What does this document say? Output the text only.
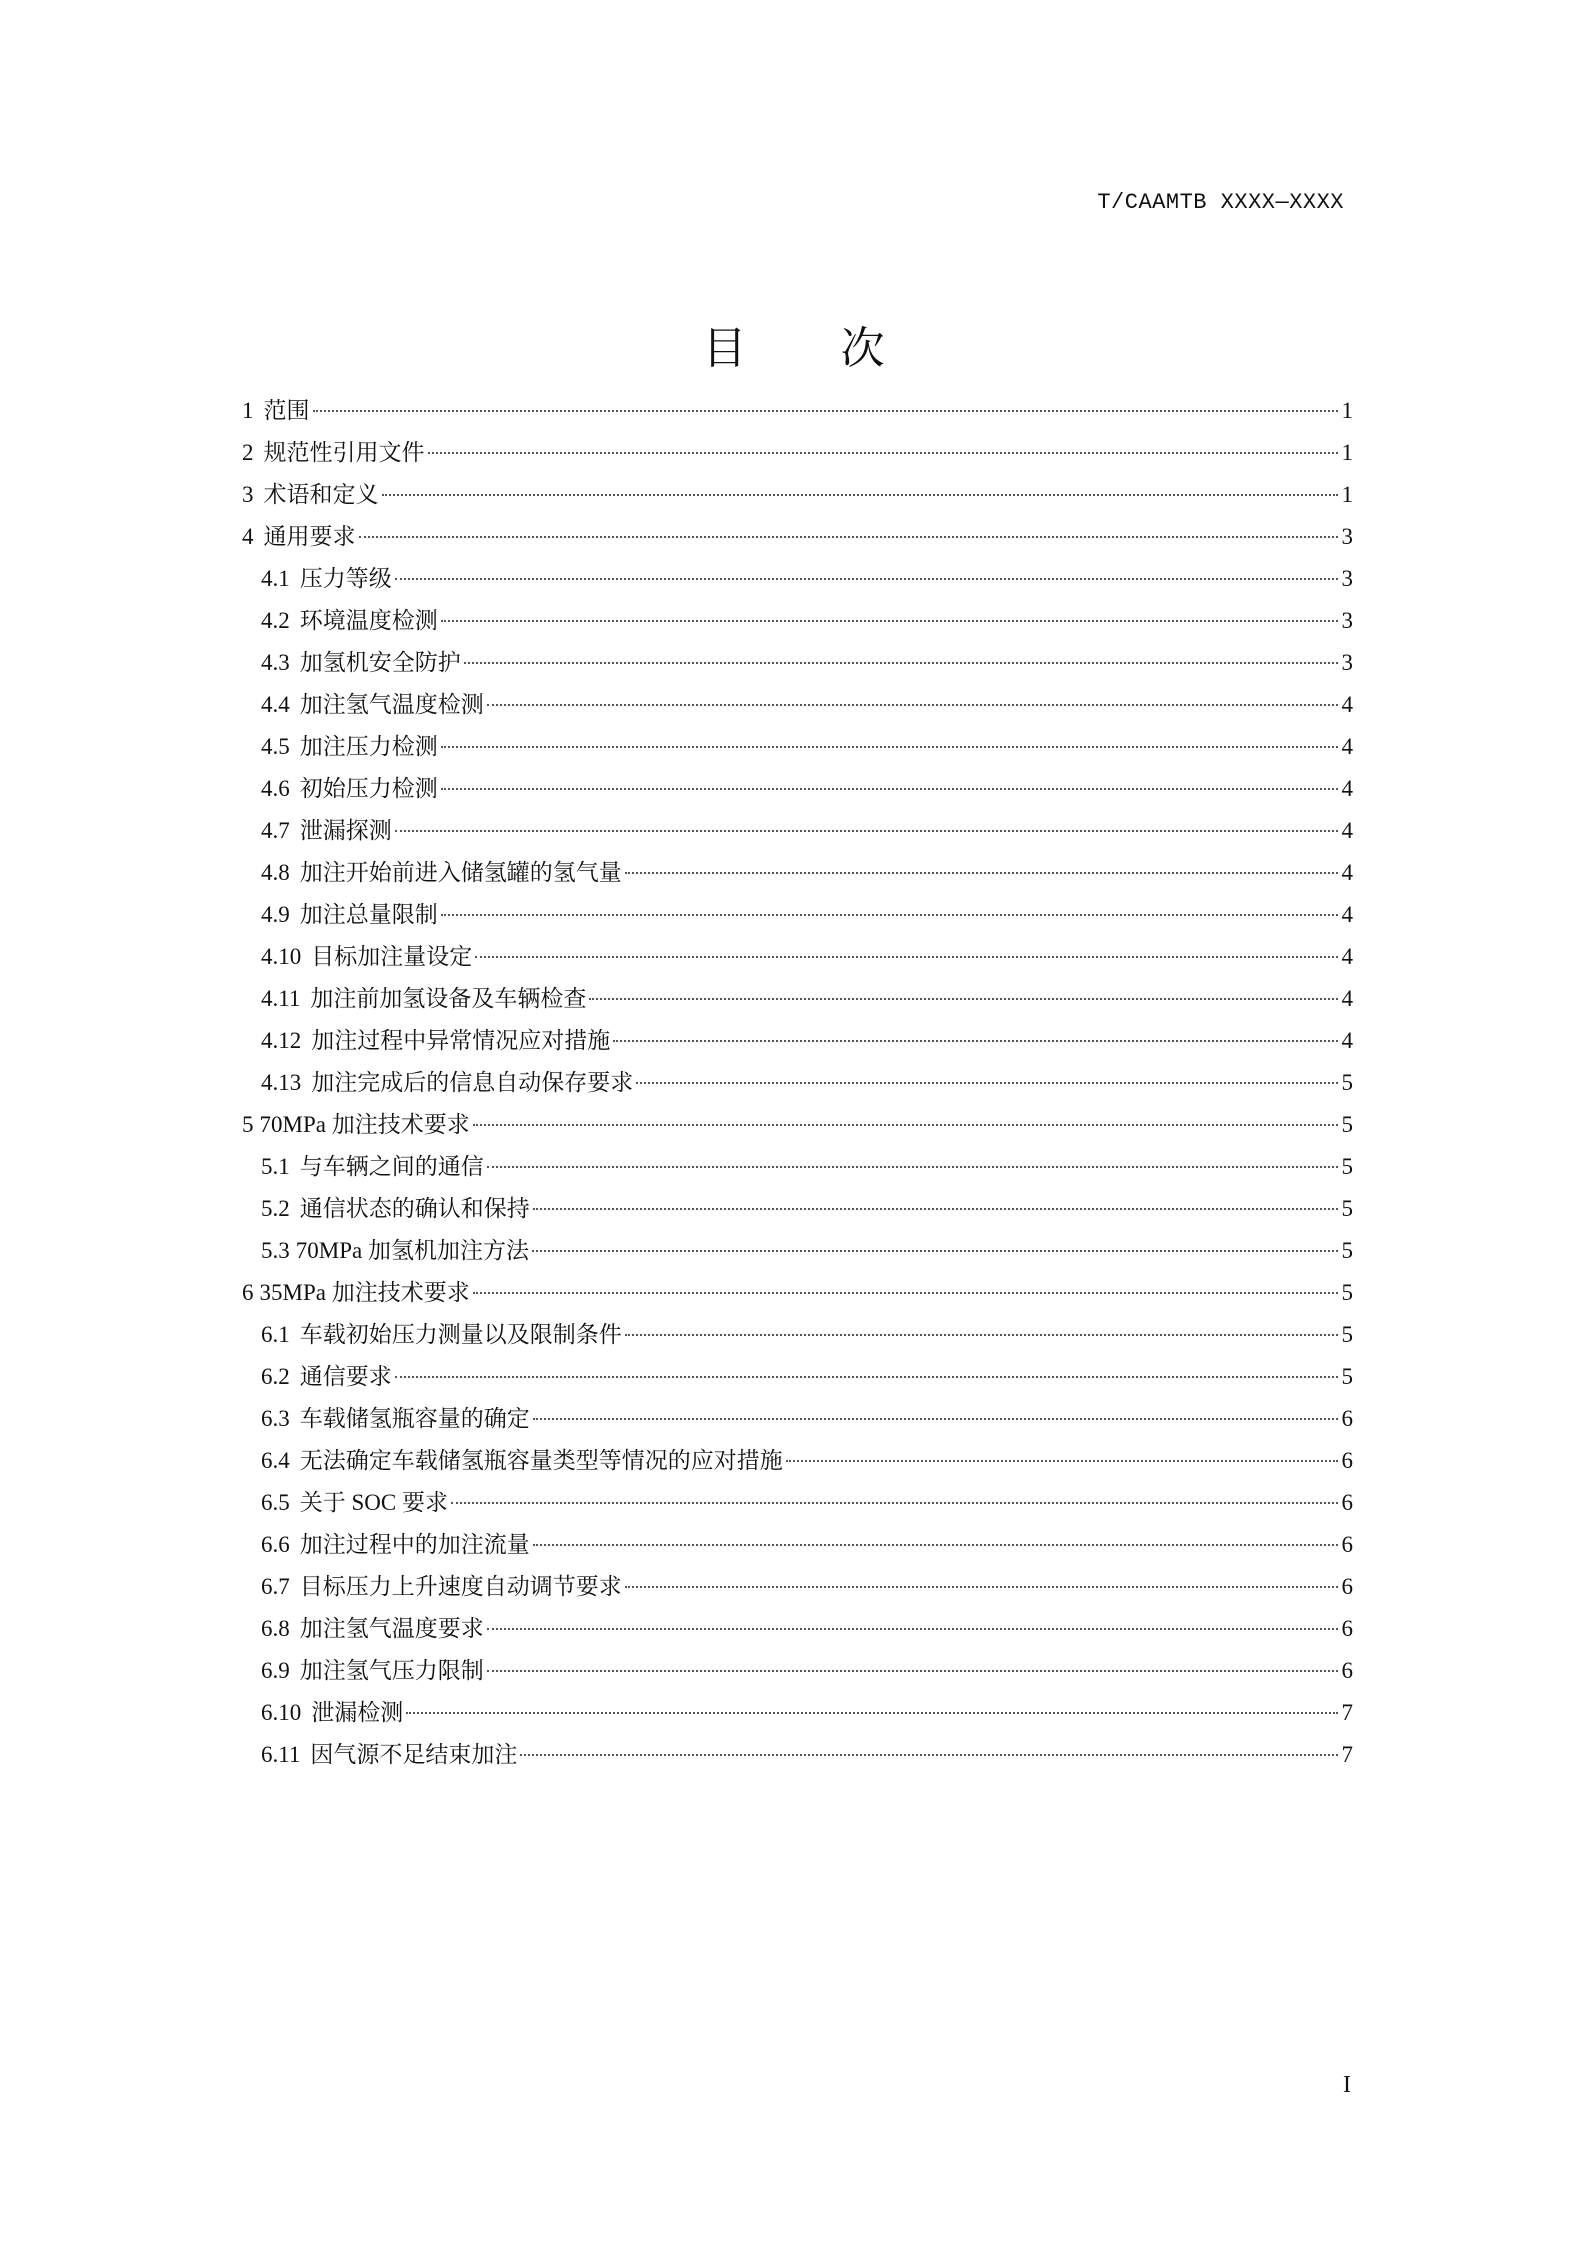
T/CAAMTB XXXX—XXXX
目 次
1 范围	1
2 规范性引用文件	1
3 术语和定义	1
4 通用要求	3
4.1 压力等级	3
4.2 环境温度检测	3
4.3 加氢机安全防护	3
4.4 加注氢气温度检测	4
4.5 加注压力检测	4
4.6 初始压力检测	4
4.7 泄漏探测	4
4.8 加注开始前进入储氢罐的氢气量	4
4.9 加注总量限制	4
4.10 目标加注量设定	4
4.11 加注前加氢设备及车辆检查	4
4.12 加注过程中异常情况应对措施	4
4.13 加注完成后的信息自动保存要求	5
5 70MPa 加注技术要求	5
5.1 与车辆之间的通信	5
5.2 通信状态的确认和保持	5
5.3 70MPa 加氢机加注方法	5
6 35MPa 加注技术要求	5
6.1 车载初始压力测量以及限制条件	5
6.2 通信要求	5
6.3 车载储氢瓶容量的确定	6
6.4 无法确定车载储氢瓶容量类型等情况的应对措施	6
6.5 关于 SOC 要求	6
6.6 加注过程中的加注流量	6
6.7 目标压力上升速度自动调节要求	6
6.8 加注氢气温度要求	6
6.9 加注氢气压力限制	6
6.10 泄漏检测	7
6.11 因气源不足结束加注	7
I
